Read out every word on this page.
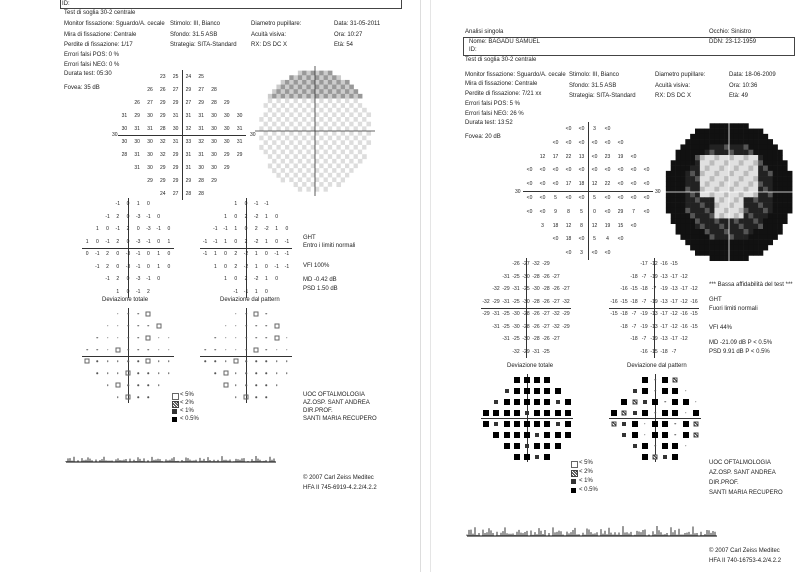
ID:
Test di soglia 30-2 centrale
Monitor fissazione: Sguardo/A. cecale
Mira di fissazione: Centrale
Perdite di fissazione: 1/17
Errori falsi POS: 0 %
Errori falsi NEG: 0 %
Durata test: 05:30
Fovea: 35 dB
Stimolo: III, Bianco
Sfondo: 31.5 ASB
Strategia: SITA-Standard
Diametro pupillare:
Acuità visiva:
RX: DS DC X
Data: 31-05-2011
Ora: 10:27
Età: 54
23 25 24 25
26 26 27 29 27 28
26 27 29 29 27 29 28 29
31 29 30 29 31 31 31 30 30 30
30 31 31 28 30 32 31 30 30 31
30 30 30 32 31 33 32 30 30 31
28 31 30 32 29 31 31 30 29 29
31 30 29 29 31 30 30 29
29 29 29 29 28 29
24 27 28 28
30	30
-1 0 1 0
-1 2 0 -3 -1 0
1 0 -1 2 0 -3 -1 0
1 0 -1 2 0 -3 -1 0 1
0 -1 2 0 -3 -1 0 1 0
-1 2 0 -3 -1 0 1 0
-1 2 0 -3 -1 0
1 0 -1 2
1 0 -1 -1
1 0 2 -2 1 0
-1 -1 1 0 2 -2 1 0
-1 -1 1 0 2 -2 1 0 -1
-1 1 0 2 -2 1 0 -1 -1
1 0 2 -2 1 0 -1 -1
1 0 2 -2 1 0
-1 -1 1 0
Deviazione totale	Deviazione dal pattern
GHT
Entro i limiti normali
VFI 100%
MD -0.42 dB
PSD 1.50 dB
< 5%
< 2%
< 1%
< 0.5%
UOC OFTALMOLOGIA
AZ.OSP. SANT ANDREA
DIR.PROF.
SANTI MARIA RECUPERO
© 2007 Carl Zeiss Meditec
HFA II 745-6919-4.2.2/4.2.2
Analisi singola	Occhio: Sinistro
Nome: BAGADU SAMUEL
ID:
DDN: 23-12-1959
Test di soglia 30-2 centrale
Monitor fissazione: Sguardo/A. cecale
Mira di fissazione: Centrale
Perdite di fissazione: 7/21 xx
Errori falsi POS: 5 %
Errori falsi NEG: 26 %
Durata test: 13:52
Fovea: 20 dB
Stimolo: III, Bianco
Sfondo: 31.5 ASB
Strategia: SITA-Standard
Diametro pupillare:
Acuità visiva:
RX: DS DC X
Data: 18-06-2009
Ora: 10:36
Età: 49
<0 <0 3 <0
<0 <0 <0 <0 <0 <0
12 17 22 13 <0 23 19 <0
<0 <0 <0 <0 <0 <0 <0 <0 <0 <0
<0 <0 <0 17 18 12 22 <0 <0 <0
<0 <0 5 <0 <0 5 <0 <0 <0 <0
<0 <0 9 8 5 0 <0 29 7 <0
3 18 12 8 12 19 15 <0
<0 18 <0 5 4 <0
<0 3 <0 <0
30	30
-26 -27 -32 -29
-31 -25 -30 -28 -26 -27
-32 -29 -31 -25 -30 -28 -26 -27
-32 -29 -31 -25 -30 -28 -26 -27 -32
-29 -31 -25 -30 -28 -26 -27 -32 -29
-31 -25 -30 -28 -26 -27 -32 -29
-31 -25 -30 -28 -26 -27
-32 -29 -31 -25
-17 -12 -16 -15
-18 -7 -19 -13 -17 -12
-16 -15 -18 -7 -19 -13 -17 -12
-16 -15 -18 -7 -19 -13 -17 -12 -16
-15 -18 -7 -19 -13 -17 -12 -16 -15
-18 -7 -19 -13 -17 -12 -16 -15
-18 -7 -19 -13 -17 -12
-16 -15 -18 -7
Deviazione totale	Deviazione dal pattern
*** Bassa affidabilità del test ***
GHT
Fuori limiti normali
VFI 44%
MD -21.09 dB P < 0.5%
PSD 9.91 dB P < 0.5%
< 5%
< 2%
< 1%
< 0.5%
UOC OFTALMOLOGIA
AZ.OSP. SANT ANDREA
DIR.PROF.
SANTI MARIA RECUPERO
© 2007 Carl Zeiss Meditec
HFA II 740-16753-4.2/4.2.2
